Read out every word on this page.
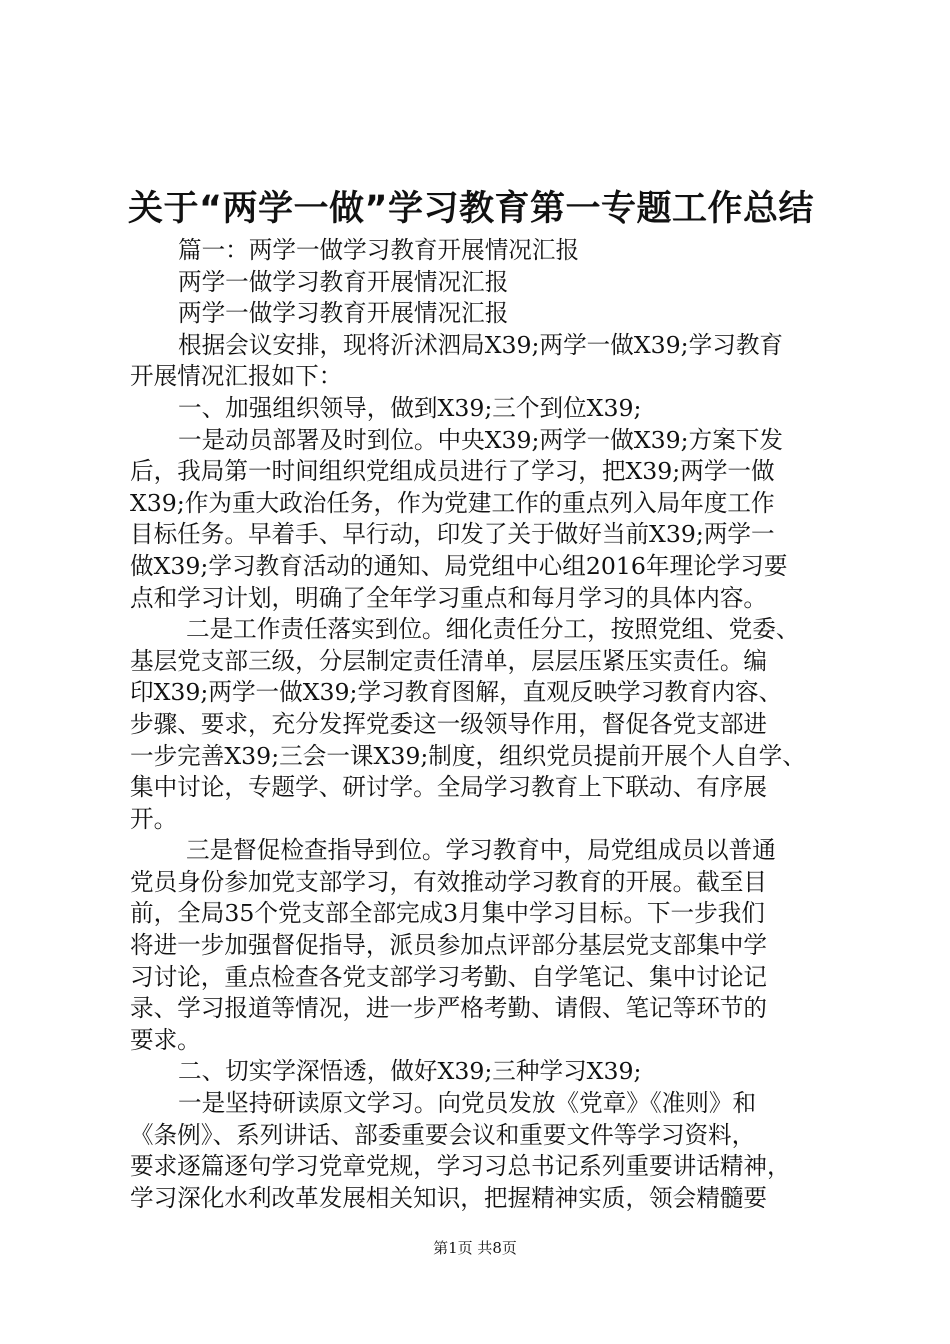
关于“两学一做”学习教育第一专题工作总结
篇一：两学一做学习教育开展情况汇报
两学一做学习教育开展情况汇报
两学一做学习教育开展情况汇报
根据会议安排，现将沂沭泗局X39;两学一做X39;学习教育
开展情况汇报如下：
一、加强组织领导，做到X39;三个到位X39;
一是动员部署及时到位。中央X39;两学一做X39;方案下发
后，我局第一时间组织党组成员进行了学习，把X39;两学一做
X39;作为重大政治任务，作为党建工作的重点列入局年度工作
目标任务。早着手、早行动，印发了关于做好当前X39;两学一
做X39;学习教育活动的通知、局党组中心组2016年理论学习要
点和学习计划，明确了全年学习重点和每月学习的具体内容。
二是工作责任落实到位。细化责任分工，按照党组、党委、
基层党支部三级，分层制定责任清单，层层压紧压实责任。编
印X39;两学一做X39;学习教育图解，直观反映学习教育内容、
步骤、要求，充分发挥党委这一级领导作用，督促各党支部进
一步完善X39;三会一课X39;制度，组织党员提前开展个人自学、
集中讨论，专题学、研讨学。全局学习教育上下联动、有序展
开。
三是督促检查指导到位。学习教育中，局党组成员以普通
党员身份参加党支部学习，有效推动学习教育的开展。截至目
前，全局35个党支部全部完成3月集中学习目标。下一步我们
将进一步加强督促指导，派员参加点评部分基层党支部集中学
习讨论，重点检查各党支部学习考勤、自学笔记、集中讨论记
录、学习报道等情况，进一步严格考勤、请假、笔记等环节的
要求。
二、切实学深悟透，做好X39;三种学习X39;
一是坚持研读原文学习。向党员发放《党章》《准则》和
《条例》、系列讲话、部委重要会议和重要文件等学习资料，
要求逐篇逐句学习党章党规，学习习总书记系列重要讲话精神，
学习深化水利改革发展相关知识，把握精神实质，领会精髓要
第1页 共8页
